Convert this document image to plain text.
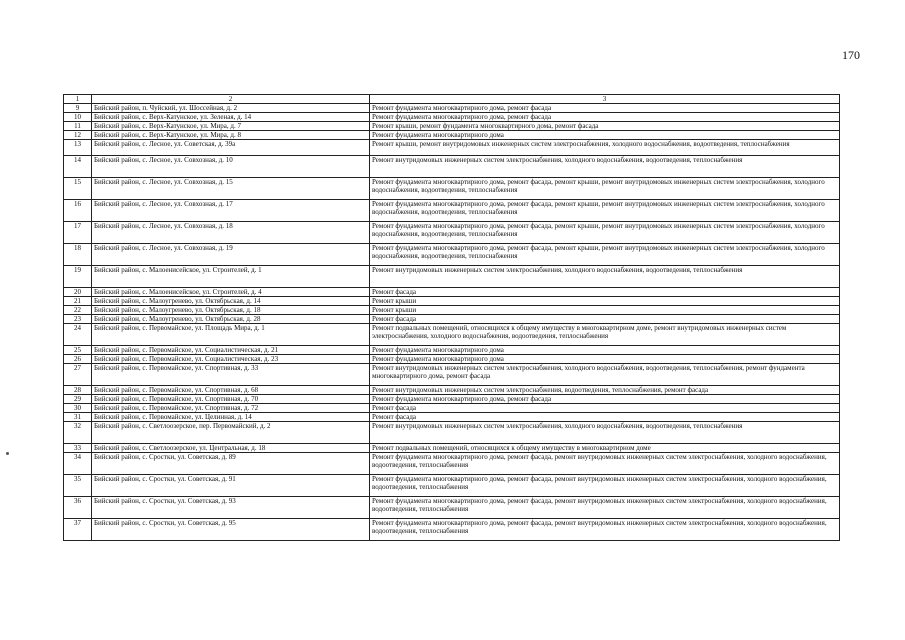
170
1	2	3
9	Бийский район, п. Чуйский, ул. Шоссейная, д. 2	Ремонт фундамента многоквартирного дома, ремонт фасада
10	Бийский район, с. Верх-Катунское, ул. Зеленая, д. 14	Ремонт фундамента многоквартирного дома, ремонт фасада
11	Бийский район, с. Верх-Катунское, ул. Мира, д. 7	Ремонт крыши, ремонт фундамента многоквартирного дома, ремонт фасада
12	Бийский район, с. Верх-Катунское, ул. Мира, д. 8	Ремонт фундамента многоквартирного дома
13	Бийский район, с. Лесное, ул. Советская, д. 39а	Ремонт крыши, ремонт внутридомовых инженерных систем электроснабжения, холодного водоснабжения, водоотведения, теплоснабжения
14	Бийский район, с. Лесное, ул. Совхозная, д. 10	Ремонт внутридомовых инженерных систем электроснабжения, холодного водоснабжения, водоотведения, теплоснабжения
15	Бийский район, с. Лесное, ул. Совхозная, д. 15	Ремонт фундамента многоквартирного дома, ремонт фасада, ремонт крыши, ремонт внутридомовых инженерных систем электроснабжения, холодного водоснабжения, водоотведения, теплоснабжения
16	Бийский район, с. Лесное, ул. Совхозная, д. 17	Ремонт фундамента многоквартирного дома, ремонт фасада, ремонт крыши, ремонт внутридомовых инженерных систем электроснабжения, холодного водоснабжения, водоотведения, теплоснабжения
17	Бийский район, с. Лесное, ул. Совхозная, д. 18	Ремонт фундамента многоквартирного дома, ремонт фасада, ремонт крыши, ремонт внутридомовых инженерных систем электроснабжения, холодного водоснабжения, водоотведения, теплоснабжения
18	Бийский район, с. Лесное, ул. Совхозная, д. 19	Ремонт фундамента многоквартирного дома, ремонт фасада, ремонт крыши, ремонт внутридомовых инженерных систем электроснабжения, холодного водоснабжения, водоотведения, теплоснабжения
19	Бийский район, с. Малоенисейское, ул. Строителей, д. 1	Ремонт внутридомовых инженерных систем электроснабжения, холодного водоснабжения, водоотведения, теплоснабжения
20	Бийский район, с. Малоенисейское, ул. Строителей, д. 4	Ремонт фасада
21	Бийский район, с. Малоугренево, ул. Октябрьская, д. 14	Ремонт крыши
22	Бийский район, с. Малоугренево, ул. Октябрьская, д. 18	Ремонт крыши
23	Бийский район, с. Малоугренево, ул. Октябрьская, д. 28	Ремонт фасада
24	Бийский район, с. Первомайское, ул. Площадь Мира, д. 1	Ремонт подвальных помещений, относящихся к общему имуществу в многоквартирном доме, ремонт внутридомовых инженерных систем электроснабжения, холодного водоснабжения, водоотведения, теплоснабжения
25	Бийский район, с. Первомайское, ул. Социалистическая, д. 21	Ремонт фундамента многоквартирного дома
26	Бийский район, с. Первомайское, ул. Социалистическая, д. 23	Ремонт фундамента многоквартирного дома
27	Бийский район, с. Первомайское, ул. Спортивная, д. 33	Ремонт внутридомовых инженерных систем электроснабжения, холодного водоснабжения, водоотведения, теплоснабжения, ремонт фундамента многоквартирного дома, ремонт фасада
28	Бийский район, с. Первомайское, ул. Спортивная, д. 68	Ремонт внутридомовых инженерных систем электроснабжения, водоотведения, теплоснабжения, ремонт фасада
29	Бийский район, с. Первомайское, ул. Спортивная, д. 70	Ремонт фундамента многоквартирного дома, ремонт фасада
30	Бийский район, с. Первомайское, ул. Спортивная, д. 72	Ремонт фасада
31	Бийский район, с. Первомайское, ул. Целинная, д. 14	Ремонт фасада
32	Бийский район, с. Светлоозерское, пер. Первомайский, д. 2	Ремонт внутридомовых инженерных систем электроснабжения, холодного водоснабжения, водоотведения, теплоснабжения
33	Бийский район, с. Светлоозерское, ул. Центральная, д. 18	Ремонт подвальных помещений, относящихся к общему имуществу в многоквартирном доме
34	Бийский район, с. Сростки, ул. Советская, д. 89	Ремонт фундамента многоквартирного дома, ремонт фасада, ремонт внутридомовых инженерных систем электроснабжения, холодного водоснабжения, водоотведения, теплоснабжения
35	Бийский район, с. Сростки, ул. Советская, д. 91	Ремонт фундамента многоквартирного дома, ремонт фасада, ремонт внутридомовых инженерных систем электроснабжения, холодного водоснабжения, водоотведения, теплоснабжения
36	Бийский район, с. Сростки, ул. Советская, д. 93	Ремонт фундамента многоквартирного дома, ремонт фасада, ремонт внутридомовых инженерных систем электроснабжения, холодного водоснабжения, водоотведения, теплоснабжения
37	Бийский район, с. Сростки, ул. Советская, д. 95	Ремонт фундамента многоквартирного дома, ремонт фасада, ремонт внутридомовых инженерных систем электроснабжения, холодного водоснабжения, водоотведения, теплоснабжения
